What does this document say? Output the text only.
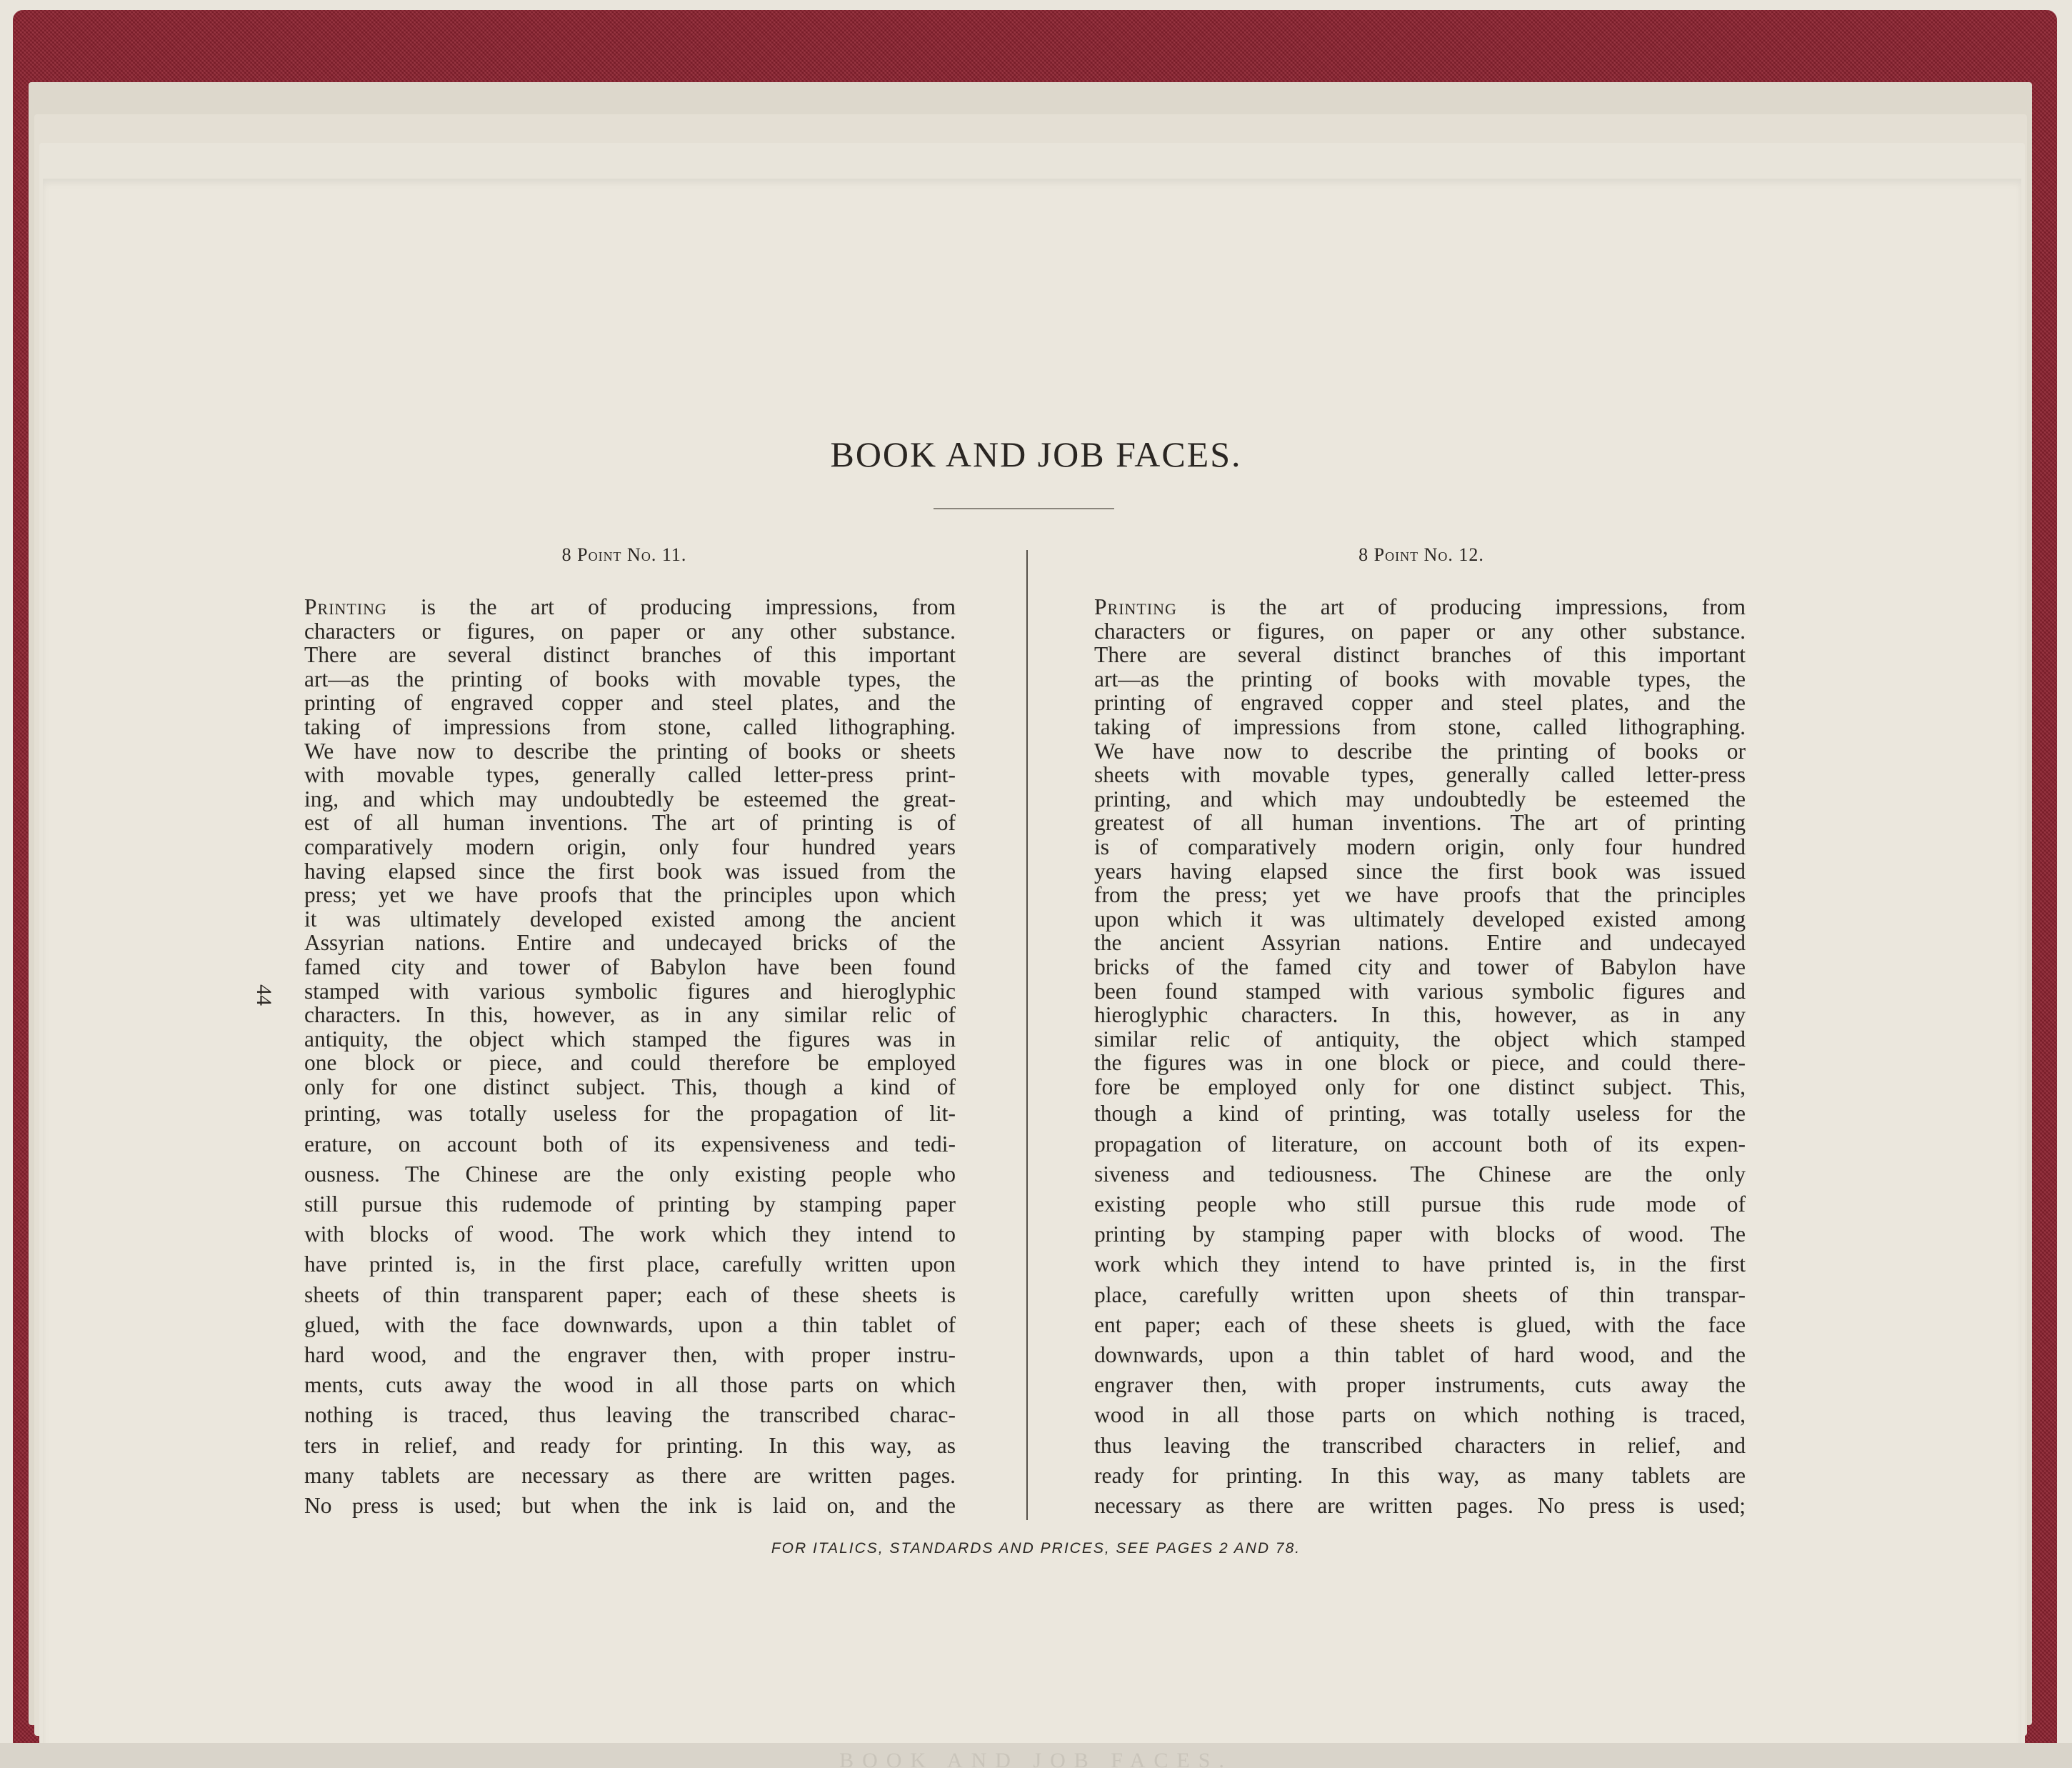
BOOK AND JOB FACES.
8 Point No. 11.	8 Point No. 12.
44
Printing is the art of producing impressions, from
characters or figures, on paper or any other substance.
There are several distinct branches of this important
art—as the printing of books with movable types, the
printing of engraved copper and steel plates, and the
taking of impressions from stone, called lithographing.
We have now to describe the printing of books or sheets
with movable types, generally called letter-press print-
ing, and which may undoubtedly be esteemed the great-
est of all human inventions. The art of printing is of
comparatively modern origin, only four hundred years
having elapsed since the first book was issued from the
press; yet we have proofs that the principles upon which
it was ultimately developed existed among the ancient
Assyrian nations. Entire and undecayed bricks of the
famed city and tower of Babylon have been found
stamped with various symbolic figures and hieroglyphic
characters. In this, however, as in any similar relic of
antiquity, the object which stamped the figures was in
one block or piece, and could therefore be employed
only for one distinct subject. This, though a kind of
printing, was totally useless for the propagation of lit-
erature, on account both of its expensiveness and tedi-
ousness. The Chinese are the only existing people who
still pursue this rudemode of printing by stamping paper
with blocks of wood. The work which they intend to
have printed is, in the first place, carefully written upon
sheets of thin transparent paper; each of these sheets is
glued, with the face downwards, upon a thin tablet of
hard wood, and the engraver then, with proper instru-
ments, cuts away the wood in all those parts on which
nothing is traced, thus leaving the transcribed charac-
ters in relief, and ready for printing. In this way, as
many tablets are necessary as there are written pages.
No press is used; but when the ink is laid on, and the
Printing is the art of producing impressions, from
characters or figures, on paper or any other substance.
There are several distinct branches of this important
art—as the printing of books with movable types, the
printing of engraved copper and steel plates, and the
taking of impressions from stone, called lithographing.
We have now to describe the printing of books or
sheets with movable types, generally called letter-press
printing, and which may undoubtedly be esteemed the
greatest of all human inventions. The art of printing
is of comparatively modern origin, only four hundred
years having elapsed since the first book was issued
from the press; yet we have proofs that the principles
upon which it was ultimately developed existed among
the ancient Assyrian nations. Entire and undecayed
bricks of the famed city and tower of Babylon have
been found stamped with various symbolic figures and
hieroglyphic characters. In this, however, as in any
similar relic of antiquity, the object which stamped
the figures was in one block or piece, and could there-
fore be employed only for one distinct subject. This,
though a kind of printing, was totally useless for the
propagation of literature, on account both of its expen-
siveness and tediousness. The Chinese are the only
existing people who still pursue this rude mode of
printing by stamping paper with blocks of wood. The
work which they intend to have printed is, in the first
place, carefully written upon sheets of thin transpar-
ent paper; each of these sheets is glued, with the face
downwards, upon a thin tablet of hard wood, and the
engraver then, with proper instruments, cuts away the
wood in all those parts on which nothing is traced,
thus leaving the transcribed characters in relief, and
ready for printing. In this way, as many tablets are
necessary as there are written pages. No press is used;
FOR ITALICS, STANDARDS AND PRICES, SEE PAGES 2 AND 78.
BOOK AND JOB FACES.
